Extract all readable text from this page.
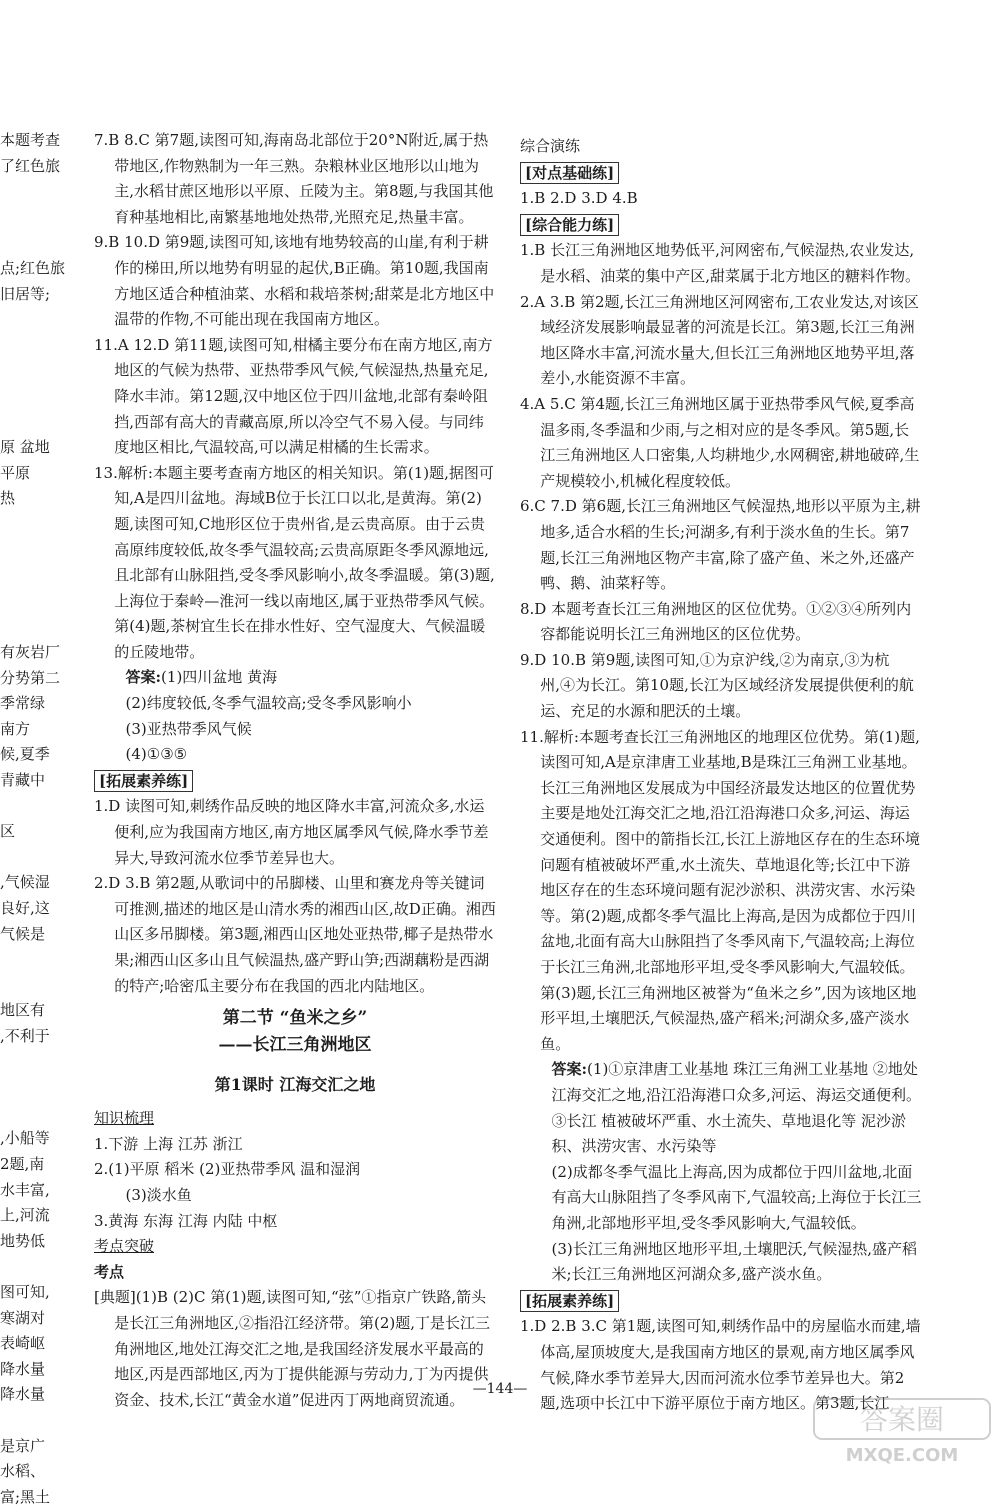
本题考查
了红色旅
点;红色旅
旧居等;
原 盆地
平原
热
有灰岩厂
分势第二
季常绿
南方
候,夏季
青藏中
区
,气候湿
良好,这
气候是
地区有
,不利于
,小船等
2题,南
水丰富,
上,河流
地势低
图可知,
寒湖对
表崎岖
降水量
降水量
是京广
水稻、
富;黑土

7.B 8.C 第7题,读图可知,海南岛北部位于20°N附近,属于热带地区,作物熟制为一年三熟。杂粮林业区地形以山地为主,水稻甘蔗区地形以平原、丘陵为主。第8题,与我国其他育种基地相比,南繁基地地处热带,光照充足,热量丰富。

9.B 10.D 第9题,读图可知,该地有地势较高的山崖,有利于耕作的梯田,所以地势有明显的起伏,B正确。第10题,我国南方地区适合种植油菜、水稻和栽培茶树;甜菜是北方地区中温带的作物,不可能出现在我国南方地区。

11.A 12.D 第11题,读图可知,柑橘主要分布在南方地区,南方地区的气候为热带、亚热带季风气候,气候湿热,热量充足,降水丰沛。第12题,汉中地区位于四川盆地,北部有秦岭阻挡,西部有高大的青藏高原,所以冷空气不易入侵。与同纬度地区相比,气温较高,可以满足柑橘的生长需求。

13.解析:本题主要考查南方地区的相关知识。第(1)题,据图可知,A是四川盆地。海域B位于长江口以北,是黄海。第(2)题,读图可知,C地形区位于贵州省,是云贵高原。由于云贵高原纬度较低,故冬季气温较高;云贵高原距冬季风源地远,且北部有山脉阻挡,受冬季风影响小,故冬季温暖。第(3)题,上海位于秦岭—淮河一线以南地区,属于亚热带季风气候。第(4)题,茶树宜生长在排水性好、空气湿度大、气候温暖的丘陵地带。

答案:(1)四川盆地 黄海
(2)纬度较低,冬季气温较高;受冬季风影响小
(3)亚热带季风气候
(4)①③⑤
[拓展素养练]

1.D 读图可知,刺绣作品反映的地区降水丰富,河流众多,水运便利,应为我国南方地区,南方地区属季风气候,降水季节差异大,导致河流水位季节差异也大。

2.D 3.B 第2题,从歌词中的吊脚楼、山里和赛龙舟等关键词可推测,描述的地区是山清水秀的湘西山区,故D正确。湘西山区多吊脚楼。第3题,湘西山区地处亚热带,椰子是热带水果;湘西山区多山且气候温热,盛产野山笋;西湖藕粉是西湖的特产;哈密瓜主要分布在我国的西北内陆地区。

第二节 “鱼米之乡”
——长江三角洲地区
第1课时 江海交汇之地
知识梳理
1.下游 上海 江苏 浙江
2.(1)平原 稻米 (2)亚热带季风 温和湿润
(3)淡水鱼
3.黄海 东海 江海 内陆 中枢
考点突破
考点

[典题](1)B (2)C 第(1)题,读图可知,“弦”①指京广铁路,箭头是长江三角洲地区,②指沿江经济带。第(2)题,丁是长江三角洲地区,地处江海交汇之地,是我国经济发展水平最高的地区,丙是西部地区,丙为丁提供能源与劳动力,丁为丙提供资金、技术,长江“黄金水道”促进丙丁两地商贸流通。

综合演练
[对点基础练]
1.B 2.D 3.D 4.B
[综合能力练]

1.B 长江三角洲地区地势低平,河网密布,气候湿热,农业发达,是水稻、油菜的集中产区,甜菜属于北方地区的糖料作物。

2.A 3.B 第2题,长江三角洲地区河网密布,工农业发达,对该区域经济发展影响最显著的河流是长江。第3题,长江三角洲地区降水丰富,河流水量大,但长江三角洲地区地势平坦,落差小,水能资源不丰富。

4.A 5.C 第4题,长江三角洲地区属于亚热带季风气候,夏季高温多雨,冬季温和少雨,与之相对应的是冬季风。第5题,长江三角洲地区人口密集,人均耕地少,水网稠密,耕地破碎,生产规模较小,机械化程度较低。

6.C 7.D 第6题,长江三角洲地区气候湿热,地形以平原为主,耕地多,适合水稻的生长;河湖多,有利于淡水鱼的生长。第7题,长江三角洲地区物产丰富,除了盛产鱼、米之外,还盛产鸭、鹅、油菜籽等。

8.D 本题考查长江三角洲地区的区位优势。①②③④所列内容都能说明长江三角洲地区的区位优势。

9.D 10.B 第9题,读图可知,①为京沪线,②为南京,③为杭州,④为长江。第10题,长江为区域经济发展提供便利的航运、充足的水源和肥沃的土壤。

11.解析:本题考查长江三角洲地区的地理区位优势。第(1)题,读图可知,A是京津唐工业基地,B是珠江三角洲工业基地。长江三角洲地区发展成为中国经济最发达地区的位置优势主要是地处江海交汇之地,沿江沿海港口众多,河运、海运交通便利。图中的箭指长江,长江上游地区存在的生态环境问题有植被破坏严重,水土流失、草地退化等;长江中下游地区存在的生态环境问题有泥沙淤积、洪涝灾害、水污染等。第(2)题,成都冬季气温比上海高,是因为成都位于四川盆地,北面有高大山脉阻挡了冬季风南下,气温较高;上海位于长江三角洲,北部地形平坦,受冬季风影响大,气温较低。第(3)题,长江三角洲地区被誉为“鱼米之乡”,因为该地区地形平坦,土壤肥沃,气候湿热,盛产稻米;河湖众多,盛产淡水鱼。

答案:(1)①京津唐工业基地 珠江三角洲工业基地 ②地处江海交汇之地,沿江沿海港口众多,河运、海运交通便利。③长江 植被破坏严重、水土流失、草地退化等 泥沙淤积、洪涝灾害、水污染等
(2)成都冬季气温比上海高,因为成都位于四川盆地,北面有高大山脉阻挡了冬季风南下,气温较高;上海位于长江三角洲,北部地形平坦,受冬季风影响大,气温较低。
(3)长江三角洲地区地形平坦,土壤肥沃,气候湿热,盛产稻米;长江三角洲地区河湖众多,盛产淡水鱼。
[拓展素养练]

1.D 2.B 3.C 第1题,读图可知,刺绣作品中的房屋临水而建,墙体高,屋顶坡度大,是我国南方地区的景观,南方地区属季风气候,降水季节差异大,因而河流水位季节差异也大。第2题,选项中长江中下游平原位于南方地区。第3题,长江

—144—
答案圈
MXQE.COM
